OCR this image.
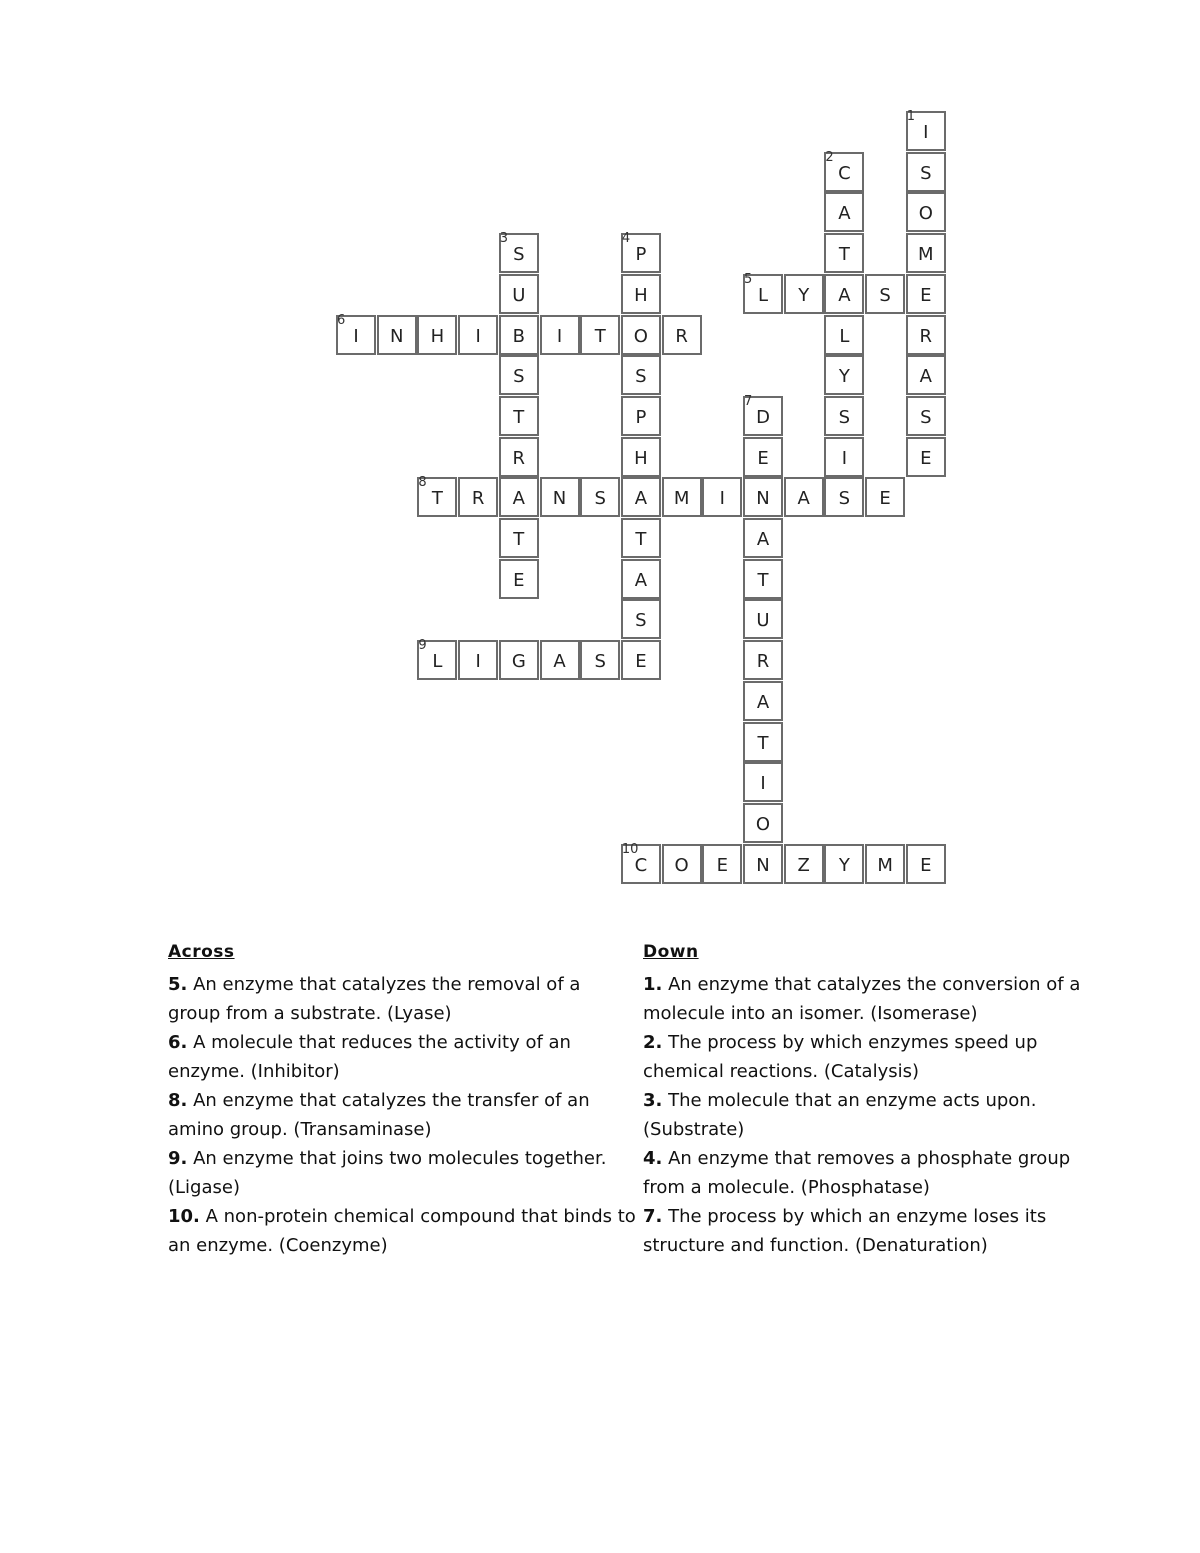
1
I
S
O
M
E
R
A
S
E
2
C
A
T
A
L
Y
S
I
S
3
S
U
B
S
T
R
A
T
E
4
P
H
O
S
P
H
A
T
A
S
E
5
L	Y	S
6
I	N	H	I	I	T	R
7
D
E
N
A
T
U
R
A
T
I
O
N
8
T	R	N	S	M	I	A	E
9
L	I	G	A	S
10
C	O	E	Z	Y	M	E
Across

5. An enzyme that catalyzes the removal of a group from a substrate. (Lyase)

6. A molecule that reduces the activity of an enzyme. (Inhibitor)

8. An enzyme that catalyzes the transfer of an amino group. (Transaminase)

9. An enzyme that joins two molecules together. (Ligase)

10. A non-protein chemical compound that binds to an enzyme. (Coenzyme)

Down

1. An enzyme that catalyzes the conversion of a molecule into an isomer. (Isomerase)

2. The process by which enzymes speed up chemical reactions. (Catalysis)

3. The molecule that an enzyme acts upon. (Substrate)

4. An enzyme that removes a phosphate group from a molecule. (Phosphatase)

7. The process by which an enzyme loses its structure and function. (Denaturation)
